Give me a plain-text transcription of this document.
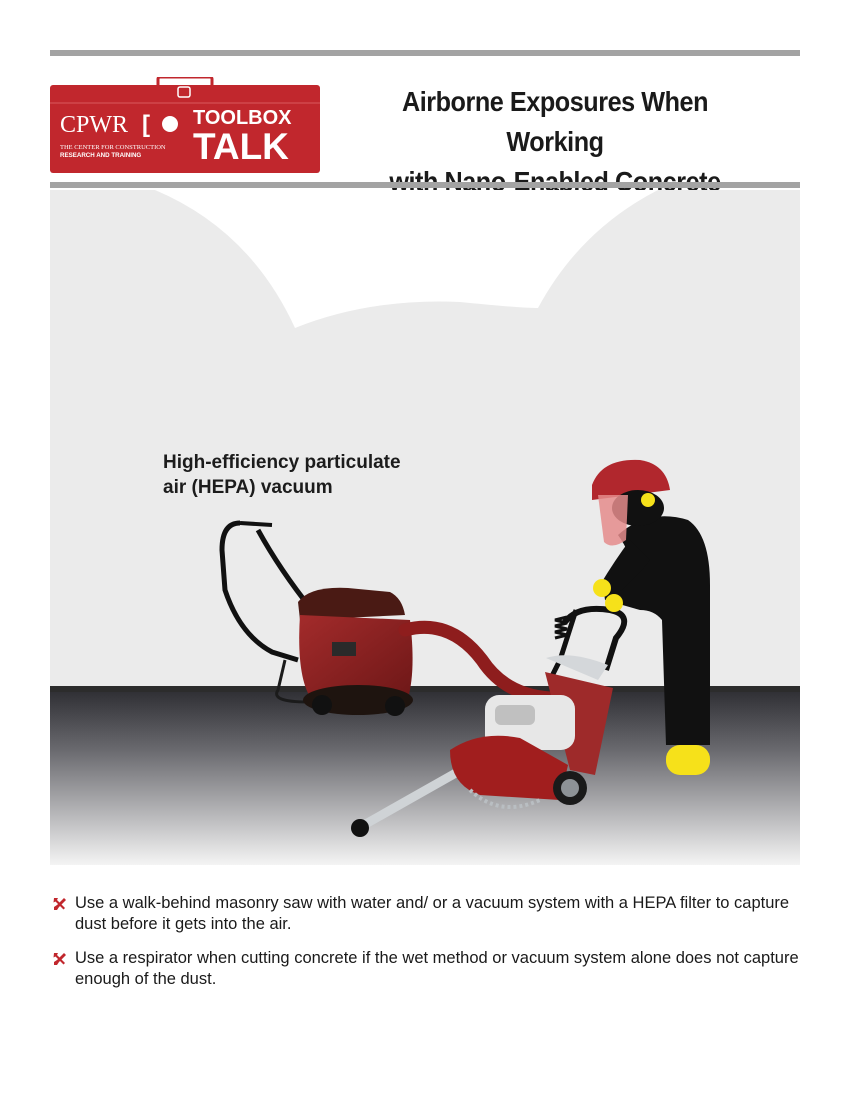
CPWR [
THE CENTER FOR CONSTRUCTION
RESEARCH AND TRAINING
TOOLBOX
TALK
Airborne Exposures When Working
High-efficiency particulate
air (HEPA) vacuum
Use a walk-behind masonry saw with water and/ or a vacuum system with a HEPA filter to capture dust before it gets into the air.
Use a respirator when cutting concrete if the wet method or vacuum system alone does not capture enough of the dust.
